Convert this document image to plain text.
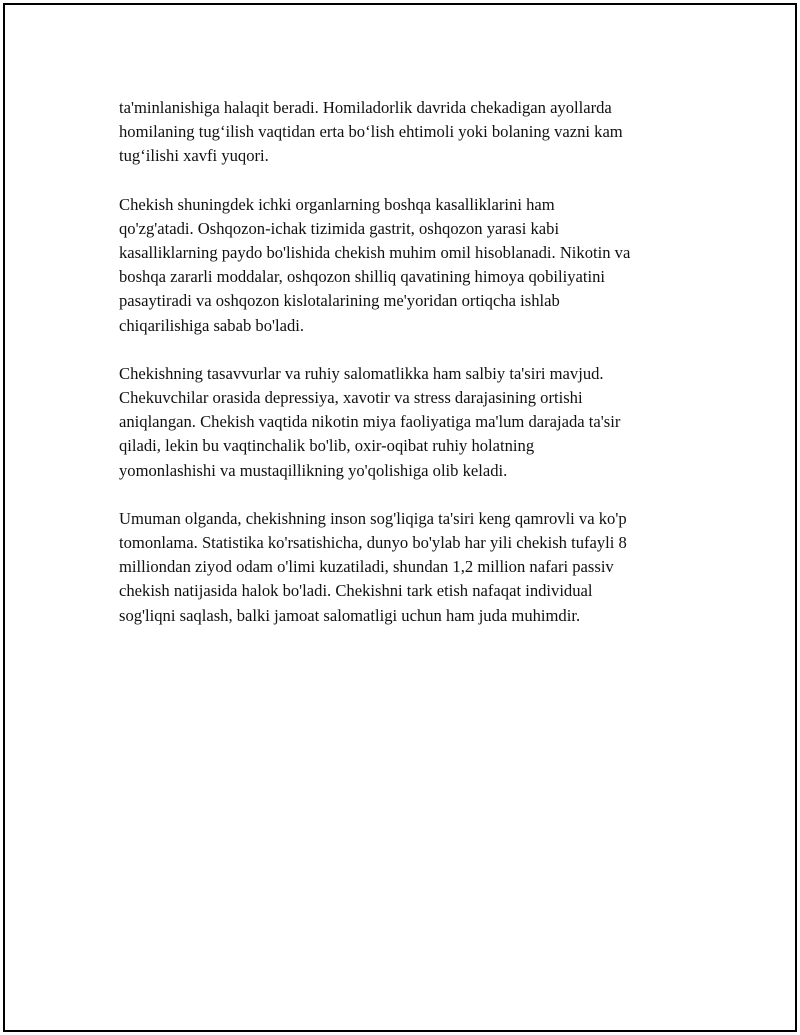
ta'minlanishiga halaqit beradi. Homiladorlik davrida chekadigan ayollarda
homilaning tug‘ilish vaqtidan erta bo‘lish ehtimoli yoki bolaning vazni kam
tug‘ilishi xavfi yuqori.

Chekish shuningdek ichki organlarning boshqa kasalliklarini ham
qo'zg'atadi. Oshqozon-ichak tizimida gastrit, oshqozon yarasi kabi
kasalliklarning paydo bo'lishida chekish muhim omil hisoblanadi. Nikotin va
boshqa zararli moddalar, oshqozon shilliq qavatining himoya qobiliyatini
pasaytiradi va oshqozon kislotalarining me'yoridan ortiqcha ishlab
chiqarilishiga sabab bo'ladi.

Chekishning tasavvurlar va ruhiy salomatlikka ham salbiy ta'siri mavjud.
Chekuvchilar orasida depressiya, xavotir va stress darajasining ortishi
aniqlangan. Chekish vaqtida nikotin miya faoliyatiga ma'lum darajada ta'sir
qiladi, lekin bu vaqtinchalik bo'lib, oxir-oqibat ruhiy holatning
yomonlashishi va mustaqillikning yo'qolishiga olib keladi.

Umuman olganda, chekishning inson sog'liqiga ta'siri keng qamrovli va ko'p
tomonlama. Statistika ko'rsatishicha, dunyo bo'ylab har yili chekish tufayli 8
milliondan ziyod odam o'limi kuzatiladi, shundan 1,2 million nafari passiv
chekish natijasida halok bo'ladi. Chekishni tark etish nafaqat individual
sog'liqni saqlash, balki jamoat salomatligi uchun ham juda muhimdir.
